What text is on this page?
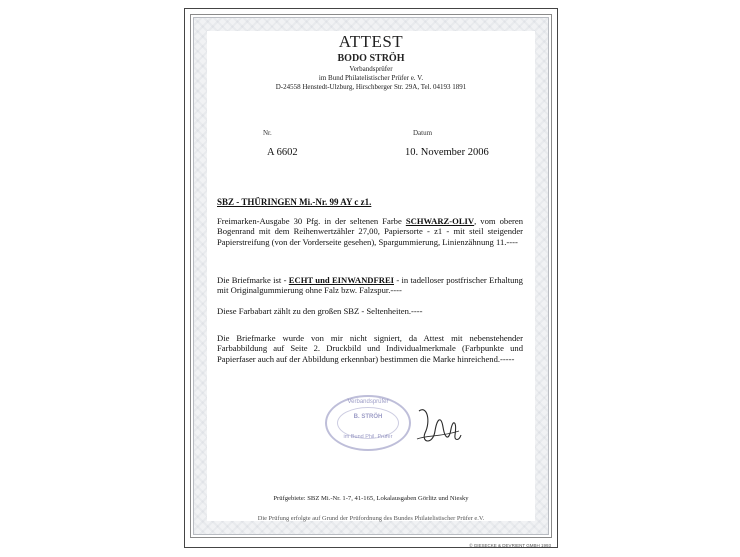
ATTEST
BODO STRÖH
Verbandsprüfer
im Bund Philatelistischer Prüfer e. V.
D-24558 Henstedt-Ulzburg, Hirschberger Str. 29A, Tel. 04193 1891
Nr.	Datum
A 6602	10. November 2006
SBZ - THÜRINGEN Mi.-Nr. 99 AY c z1.
Freimarken-Ausgabe 30 Pfg. in der seltenen Farbe SCHWARZ-OLIV, vom oberen Bogenrand mit dem Reihenwertzähler 27,00, Papiersorte - z1 - mit steil steigender Papierstreifung (von der Vorderseite gesehen), Spargummierung, Linienzähnung 11.----
Die Briefmarke ist - ECHT und EINWANDFREI - in tadelloser postfrischer Erhaltung mit Originalgummierung ohne Falz bzw. Falzspur.----
Diese Farbabart zählt zu den großen SBZ - Seltenheiten.----
Die Briefmarke wurde von mir nicht signiert, da Attest mit nebenstehender Farbabbildung auf Seite 2. Druckbild und Individualmerkmale (Farbpunkte und Papierfaser auch auf der Abbildung erkennbar) bestimmen die Marke hinreichend.-----
Verbandsprüfer
B. STRÖH
im Bund Phil. Prüfer
Prüfgebiete: SBZ Mi.-Nr. 1-7, 41-165, Lokalausgaben Görlitz und Niesky
Die Prüfung erfolgte auf Grund der Prüfordnung des Bundes Philatelistischer Prüfer e.V.
© GIESECKE & DEVRIENT GMBH 1993
